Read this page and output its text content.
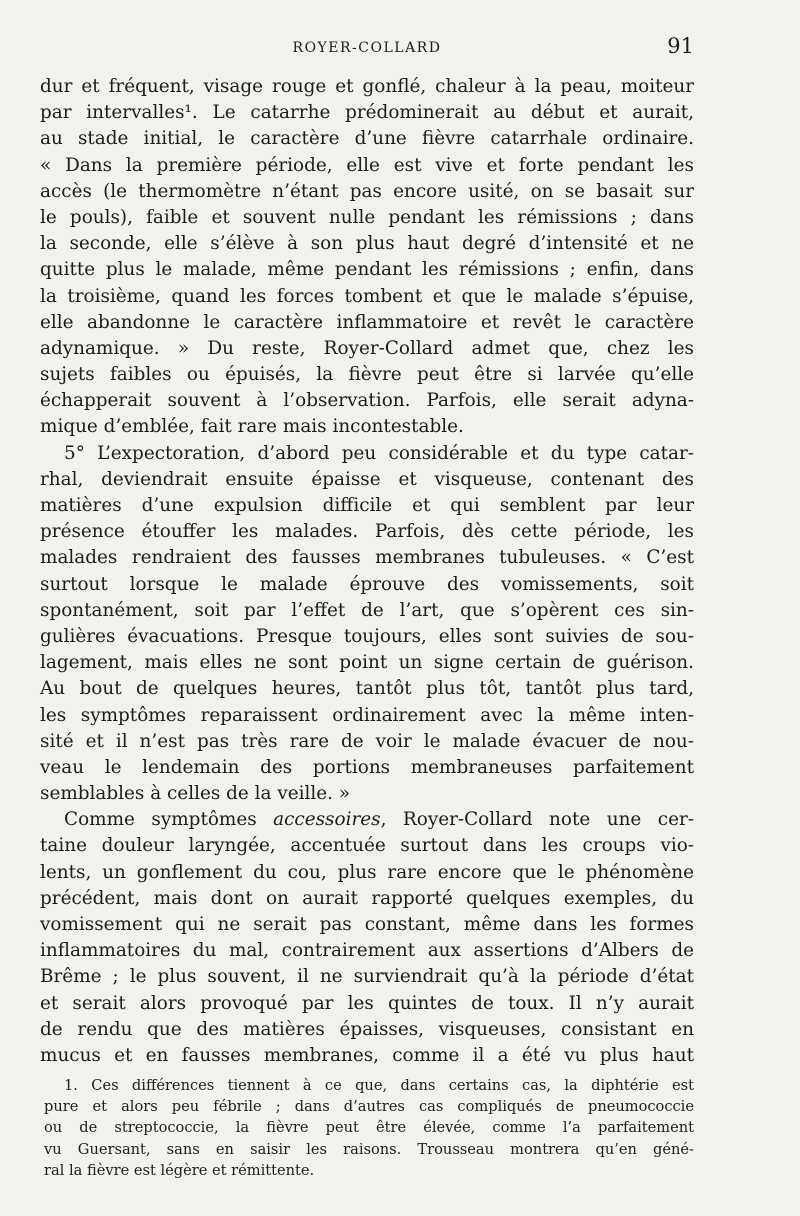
ROYER-COLLARD	91
dur et fréquent, visage rouge et gonflé, chaleur à la peau, moiteur
par intervalles¹. Le catarrhe prédominerait au début et aurait,
au stade initial, le caractère d’une fièvre catarrhale ordinaire.
« Dans la première période, elle est vive et forte pendant les
accès (le thermomètre n’étant pas encore usité, on se basait sur
le pouls), faible et souvent nulle pendant les rémissions ; dans
la seconde, elle s’élève à son plus haut degré d’intensité et ne
quitte plus le malade, même pendant les rémissions ; enfin, dans
la troisième, quand les forces tombent et que le malade s’épuise,
elle abandonne le caractère inflammatoire et revêt le caractère
adynamique. » Du reste, Royer-Collard admet que, chez les
sujets faibles ou épuisés, la fièvre peut être si larvée qu’elle
échapperait souvent à l’observation. Parfois, elle serait adyna-
mique d’emblée, fait rare mais incontestable.
5° L’expectoration, d’abord peu considérable et du type catar-
rhal, deviendrait ensuite épaisse et visqueuse, contenant des
matières d’une expulsion difficile et qui semblent par leur
présence étouffer les malades. Parfois, dès cette période, les
malades rendraient des fausses membranes tubuleuses. « C’est
surtout lorsque le malade éprouve des vomissements, soit
spontanément, soit par l’effet de l’art, que s’opèrent ces sin-
gulières évacuations. Presque toujours, elles sont suivies de sou-
lagement, mais elles ne sont point un signe certain de guérison.
Au bout de quelques heures, tantôt plus tôt, tantôt plus tard,
les symptômes reparaissent ordinairement avec la même inten-
sité et il n’est pas très rare de voir le malade évacuer de nou-
veau le lendemain des portions membraneuses parfaitement
semblables à celles de la veille. »
Comme symptômes accessoires, Royer-Collard note une cer-
taine douleur laryngée, accentuée surtout dans les croups vio-
lents, un gonflement du cou, plus rare encore que le phénomène
précédent, mais dont on aurait rapporté quelques exemples, du
vomissement qui ne serait pas constant, même dans les formes
inflammatoires du mal, contrairement aux assertions d’Albers de
Brême ; le plus souvent, il ne surviendrait qu’à la période d’état
et serait alors provoqué par les quintes de toux. Il n’y aurait
de rendu que des matières épaisses, visqueuses, consistant en
mucus et en fausses membranes, comme il a été vu plus haut
1. Ces différences tiennent à ce que, dans certains cas, la diphtérie est
pure et alors peu fébrile ; dans d’autres cas compliqués de pneumococcie
ou de streptococcie, la fièvre peut être élevée, comme l’a parfaitement
vu Guersant, sans en saisir les raisons. Trousseau montrera qu’en géné-
ral la fièvre est légère et rémittente.
